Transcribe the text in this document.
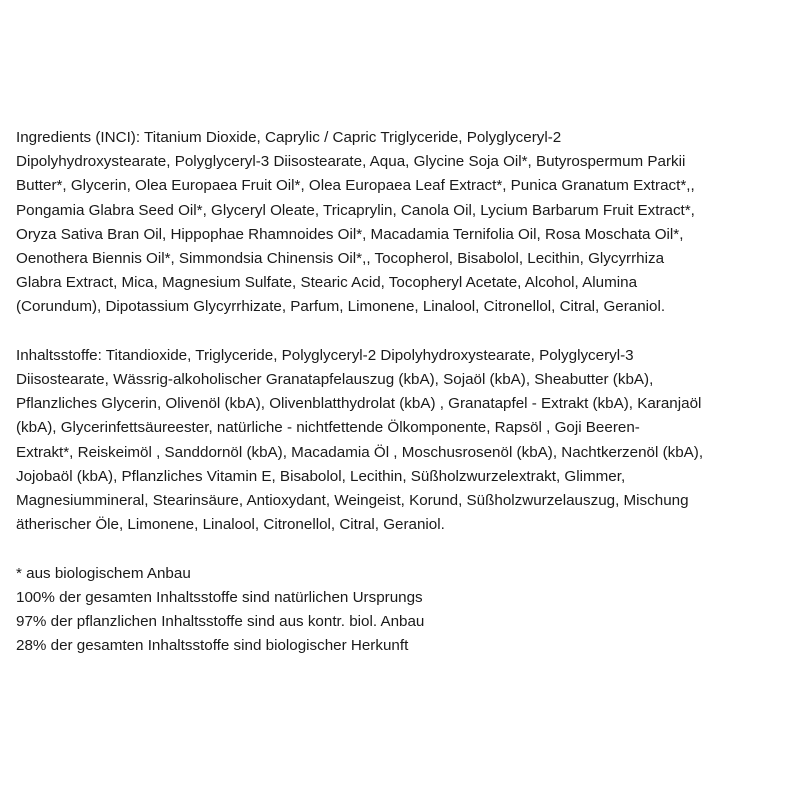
Ingredients (INCI): Titanium Dioxide, Caprylic / Capric Triglyceride, Polyglyceryl-2
Dipolyhydroxystearate, Polyglyceryl-3 Diisostearate, Aqua, Glycine Soja Oil*, Butyrospermum Parkii
Butter*, Glycerin, Olea Europaea Fruit Oil*, Olea Europaea Leaf Extract*, Punica Granatum Extract*,,
Pongamia Glabra Seed Oil*, Glyceryl Oleate, Tricaprylin, Canola Oil, Lycium Barbarum Fruit Extract*,
Oryza Sativa Bran Oil, Hippophae Rhamnoides Oil*, Macadamia Ternifolia Oil, Rosa Moschata Oil*,
Oenothera Biennis Oil*, Simmondsia Chinensis Oil*,, Tocopherol, Bisabolol, Lecithin, Glycyrrhiza
Glabra Extract, Mica, Magnesium Sulfate, Stearic Acid, Tocopheryl Acetate, Alcohol, Alumina
(Corundum), Dipotassium Glycyrrhizate, Parfum, Limonene, Linalool, Citronellol, Citral, Geraniol.
Inhaltsstoffe: Titandioxide, Triglyceride, Polyglyceryl-2 Dipolyhydroxystearate, Polyglyceryl-3
Diisostearate, Wässrig-alkoholischer Granatapfelauszug (kbA), Sojaöl (kbA), Sheabutter (kbA),
Pflanzliches Glycerin, Olivenöl (kbA), Olivenblatthydrolat (kbA) , Granatapfel - Extrakt (kbA), Karanjaöl
(kbA), Glycerinfettsäureester, natürliche - nichtfettende Ölkomponente, Rapsöl , Goji Beeren-
Extrakt*, Reiskeimöl , Sanddornöl (kbA), Macadamia Öl , Moschusrosenöl (kbA), Nachtkerzenöl (kbA),
Jojobaöl (kbA), Pflanzliches Vitamin E, Bisabolol, Lecithin, Süßholzwurzelextrakt, Glimmer,
Magnesiummineral, Stearinsäure, Antioxydant, Weingeist, Korund, Süßholzwurzelauszug, Mischung
ätherischer Öle, Limonene, Linalool, Citronellol, Citral, Geraniol.
* aus biologischem Anbau
100% der gesamten Inhaltsstoffe sind natürlichen Ursprungs
97% der pflanzlichen Inhaltsstoffe sind aus kontr. biol. Anbau
28% der gesamten Inhaltsstoffe sind biologischer Herkunft
